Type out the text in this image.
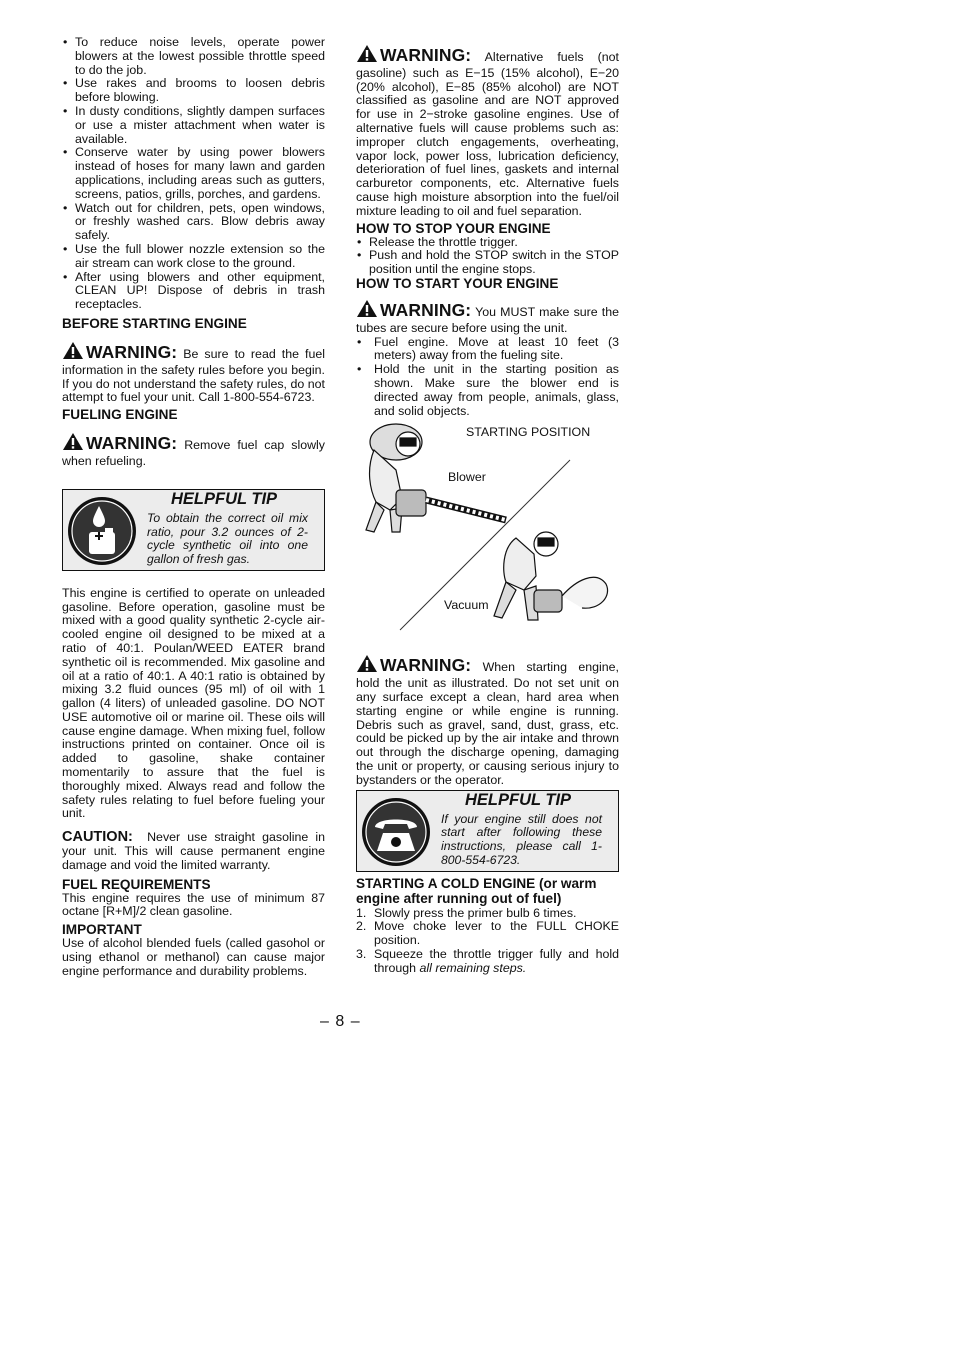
• To reduce noise levels, operate power blowers at the lowest possible throttle speed to do the job.
• Use rakes and brooms to loosen debris before blowing.
• In dusty conditions, slightly dampen surfaces or use a mister attachment when water is available.
• Conserve water by using power blowers instead of hoses for many lawn and garden applications, including areas such as gutters, screens, patios, grills, porches, and gardens.
• Watch out for children, pets, open windows, or freshly washed cars. Blow debris away safely.
• Use the full blower nozzle extension so the air stream can work close to the ground.
• After using blowers and other equipment, CLEAN UP! Dispose of debris in trash receptacles.
BEFORE STARTING ENGINE

WARNING: Be sure to read the fuel information in the safety rules before you begin. If you do not understand the safety rules, do not attempt to fuel your unit. Call 1-800-554-6723.

FUELING ENGINE

WARNING: Remove fuel cap slowly when refueling.

HELPFUL TIP
To obtain the correct oil mix ratio, pour 3.2 ounces of 2-cycle synthetic oil into one gallon of fresh gas.

This engine is certified to operate on unleaded gasoline. Before operation, gasoline must be mixed with a good quality synthetic 2-cycle air-cooled engine oil designed to be mixed at a ratio of 40:1. Poulan/WEED EATER brand synthetic oil is recommended. Mix gasoline and oil at a ratio of 40:1. A 40:1 ratio is obtained by mixing 3.2 fluid ounces (95 ml) of oil with 1 gallon (4 liters) of unleaded gasoline. DO NOT USE automotive oil or marine oil. These oils will cause engine damage. When mixing fuel, follow instructions printed on container. Once oil is added to gasoline, shake container momentarily to assure that the fuel is thoroughly mixed. Always read and follow the safety rules relating to fuel before fueling your unit.

CAUTION: Never use straight gasoline in your unit. This will cause permanent engine damage and void the limited warranty.

FUEL REQUIREMENTS

This engine requires the use of minimum 87 octane [R+M]/2 clean gasoline.

IMPORTANT

Use of alcohol blended fuels (called gasohol or using ethanol or methanol) can cause major engine performance and durability problems.

WARNING: Alternative fuels (not gasoline) such as E−15 (15% alcohol), E−20 (20% alcohol), E−85 (85% alcohol) are NOT classified as gasoline and are NOT approved for use in 2−stroke gasoline engines. Use of alternative fuels will cause problems such as: improper clutch engagements, overheating, vapor lock, power loss, lubrication deficiency, deterioration of fuel lines, gaskets and internal carburetor components, etc. Alternative fuels cause high moisture absorption into the fuel/oil mixture leading to oil and fuel separation.

HOW TO STOP YOUR ENGINE
• Release the throttle trigger.
• Push and hold the STOP switch in the STOP position until the engine stops.
HOW TO START YOUR ENGINE

WARNING: You MUST make sure the tubes are secure before using the unit.

• Fuel engine. Move at least 10 feet (3 meters) away from the fueling site.
• Hold the unit in the starting position as shown. Make sure the blower end is directed away from people, animals, glass, and solid objects.
STARTING POSITION
Blower
Vacuum

WARNING: When starting engine, hold the unit as illustrated. Do not set unit on any surface except a clean, hard area when starting engine or while engine is running. Debris such as gravel, sand, dust, grass, etc. could be picked up by the air intake and thrown out through the discharge opening, damaging the unit or property, or causing serious injury to bystanders or the operator.

HELPFUL TIP
If your engine still does not start after following these instructions, please call 1-800-554-6723.
STARTING A COLD ENGINE (or warm engine after running out of fuel)
1. Slowly press the primer bulb 6 times.
2. Move choke lever to the FULL CHOKE position.
3. Squeeze the throttle trigger fully and hold through all remaining steps.
– 8 –
